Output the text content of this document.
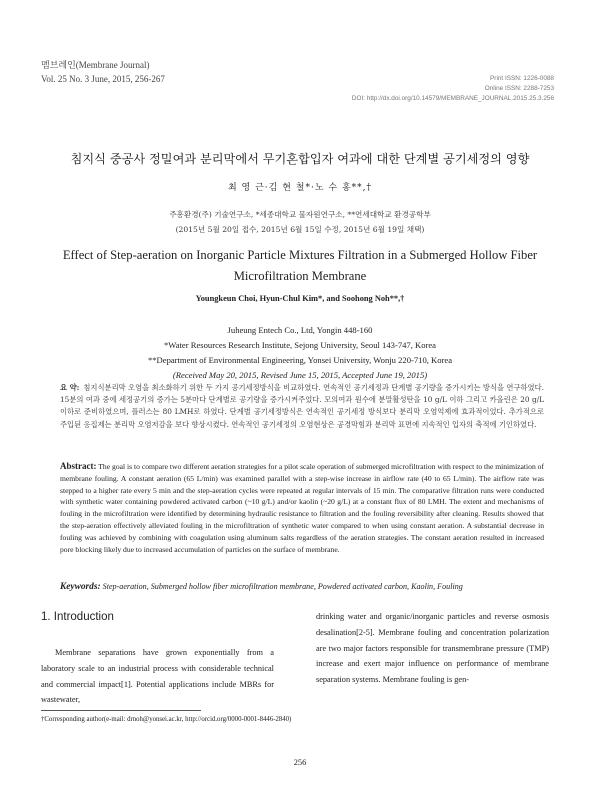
멤브레인(Membrane Journal)
Vol. 25 No. 3 June, 2015, 256-267	Print ISSN: 1226-0088
Online ISSN: 2288-7253
DOI: http://dx.doi.org/10.14579/MEMBRANE_JOURNAL.2015.25.3.256
침지식 중공사 정밀여과 분리막에서 무기혼합입자 여과에 대한 단계별 공기세정의 영향
최 영 근·김 현 철*·노 수 홍**,†
주흥환경(주) 기술연구소, *세종대학교 물자원연구소, **연세대학교 환경공학부
(2015년 5월 20일 접수, 2015년 6월 15일 수정, 2015년 6월 19일 채택)
Effect of Step-aeration on Inorganic Particle Mixtures Filtration in a Submerged Hollow Fiber Microfiltration Membrane
Youngkeun Choi, Hyun-Chul Kim*, and Soohong Noh**,†
Juheung Entech Co., Ltd, Yongin 448-160
*Water Resources Research Institute, Sejong University, Seoul 143-747, Korea
**Department of Environmental Engineering, Yonsei University, Wonju 220-710, Korea
(Received May 20, 2015, Revised June 15, 2015, Accepted June 19, 2015)
요 약: 침지식분리막 오염을 최소화하기 위한 두 가지 공기세정방식을 비교하였다. 연속적인 공기세정과 단계별 공기량을 증가시키는 방식을 연구하였다. 15분의 여과 중에 세정공기의 증가는 5분마다 단계별로 공기량을 증가시켜주었다. 모의여과 원수에 분말활성탄을 10 g/L 이하 그리고 카올린은 20 g/L 이하로 준비하였으며, 플러스는 80 LMH로 하였다. 단계별 공기세정방식은 연속적인 공기세정 방식보다 분리막 오염억제에 효과적이었다. 추가적으로 주입된 응집제는 분리막 오염저감을 보다 향상시켰다. 연속적인 공기세정의 오염현상은 공경막힘과 분리막 표면에 지속적인 입자의 축적에 기인하였다.
Abstract: The goal is to compare two different aeration strategies for a pilot scale operation of submerged microfiltration with respect to the minimization of membrane fouling. A constant aeration (65 L/min) was examined parallel with a step-wise increase in airflow rate (40 to 65 L/min). The airflow rate was stepped to a higher rate every 5 min and the step-aeration cycles were repeated at regular intervals of 15 min. The comparative filtration runs were conducted with synthetic water containing powdered activated carbon (~10 g/L) and/or kaolin (~20 g/L) at a constant flux of 80 LMH. The extent and mechanisms of fouling in the microfiltration were identified by determining hydraulic resistance to filtration and the fouling reversibility after cleaning. Results showed that the step-aeration effectively alleviated fouling in the microfiltration of synthetic water compared to when using constant aeration. A substantial decrease in fouling was achieved by combining with coagulation using aluminum salts regardless of the aeration strategies. The constant aeration resulted in increased pore blocking likely due to increased accumulation of particles on the surface of membrane.
Keywords: Step-aeration, Submerged hollow fiber microfiltration membrane, Powdered activated carbon, Kaolin, Fouling
1. Introduction

Membrane separations have grown exponentially from a laboratory scale to an industrial process with considerable technical and commercial impact[1]. Potential applications include MBRs for wastewater,

drinking water and organic/inorganic particles and reverse osmosis desalination[2-5]. Membrane fouling and concentration polarization are two major factors responsible for transmembrane pressure (TMP) increase and exert major influence on performance of membrane separation systems. Membrane fouling is gen-

†Corresponding author(e-mail: drnoh@yonsei.ac.kr, http://orcid.org/0000-0001-8446-2840)
256
